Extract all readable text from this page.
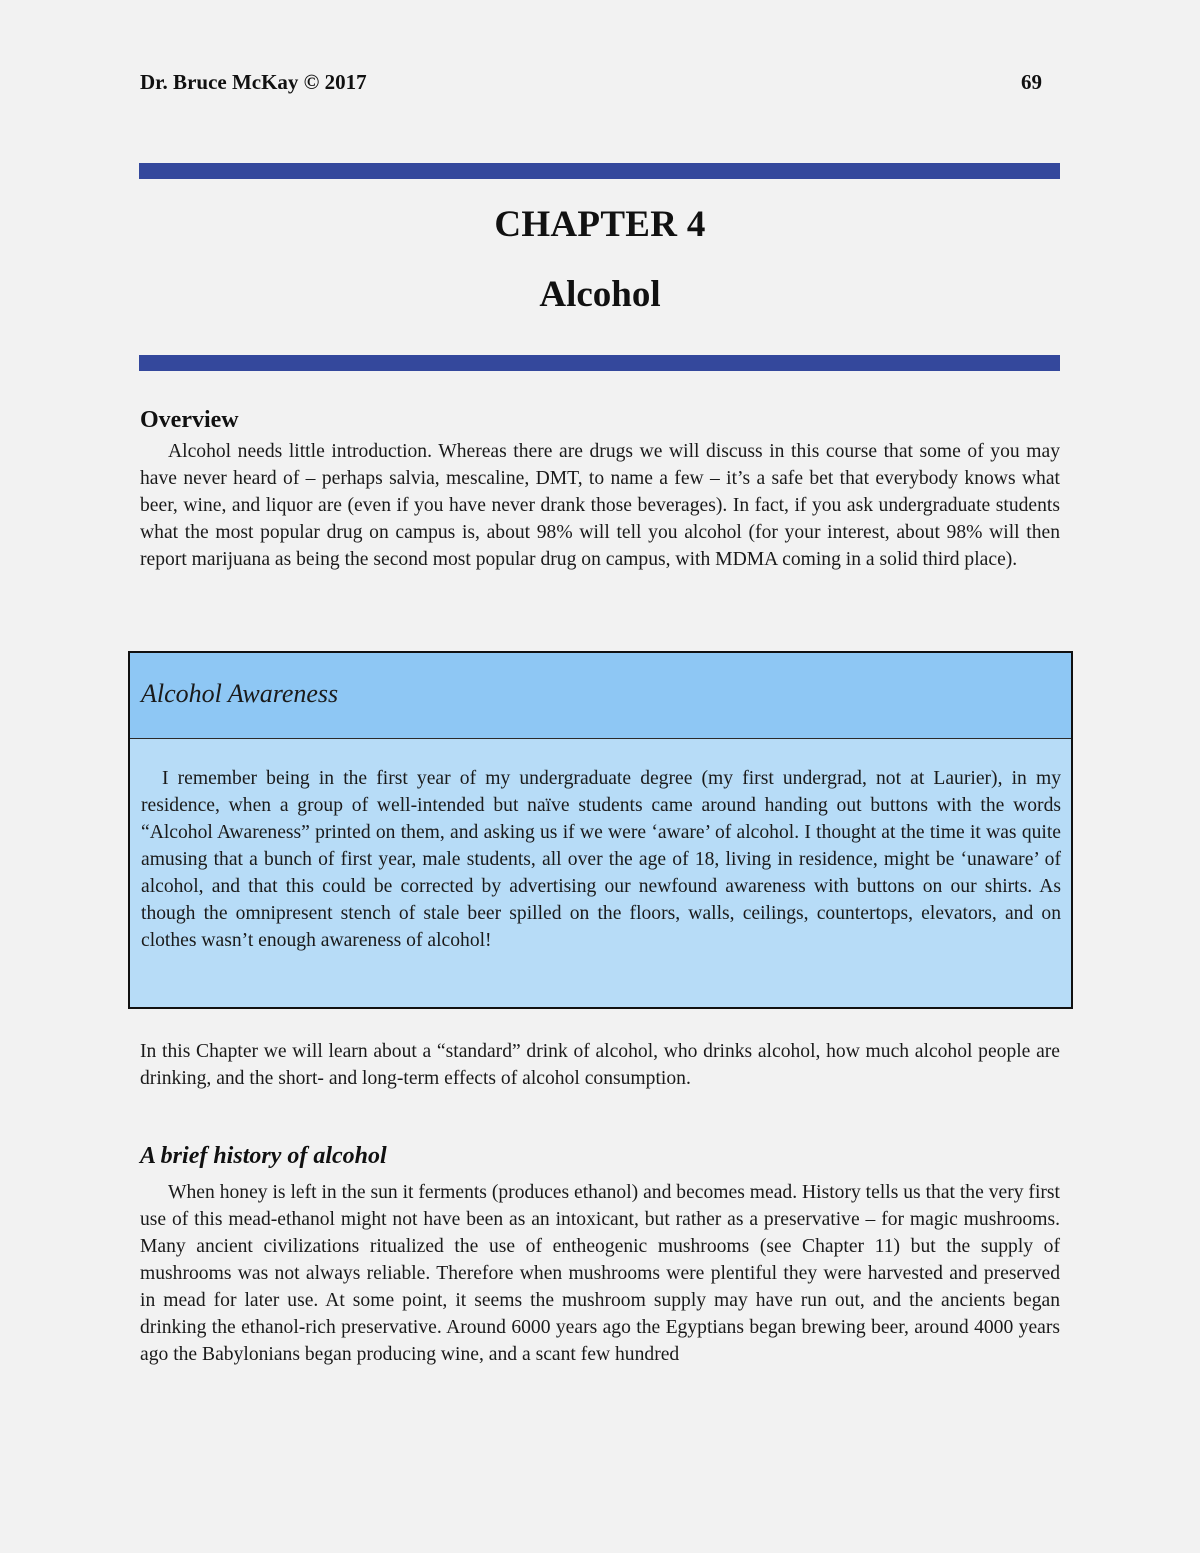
Dr. Bruce McKay © 2017	69
CHAPTER 4
Alcohol
Overview
Alcohol needs little introduction. Whereas there are drugs we will discuss in this course that some of you may have never heard of – perhaps salvia, mescaline, DMT, to name a few – it’s a safe bet that everybody knows what beer, wine, and liquor are (even if you have never drank those beverages). In fact, if you ask undergraduate students what the most popular drug on campus is, about 98% will tell you alcohol (for your interest, about 98% will then report marijuana as being the second most popular drug on campus, with MDMA coming in a solid third place).
Alcohol Awareness
I remember being in the first year of my undergraduate degree (my first undergrad, not at Laurier), in my residence, when a group of well-intended but naïve students came around handing out buttons with the words “Alcohol Awareness” printed on them, and asking us if we were ‘aware’ of alcohol. I thought at the time it was quite amusing that a bunch of first year, male students, all over the age of 18, living in residence, might be ‘unaware’ of alcohol, and that this could be corrected by advertising our newfound awareness with buttons on our shirts. As though the omnipresent stench of stale beer spilled on the floors, walls, ceilings, countertops, elevators, and on clothes wasn’t enough awareness of alcohol!
In this Chapter we will learn about a “standard” drink of alcohol, who drinks alcohol, how much alcohol people are drinking, and the short- and long-term effects of alcohol consumption.
A brief history of alcohol
When honey is left in the sun it ferments (produces ethanol) and becomes mead. History tells us that the very first use of this mead-ethanol might not have been as an intoxicant, but rather as a preservative – for magic mushrooms. Many ancient civilizations ritualized the use of entheogenic mushrooms (see Chapter 11) but the supply of mushrooms was not always reliable. Therefore when mushrooms were plentiful they were harvested and preserved in mead for later use. At some point, it seems the mushroom supply may have run out, and the ancients began drinking the ethanol-rich preservative. Around 6000 years ago the Egyptians began brewing beer, around 4000 years ago the Babylonians began producing wine, and a scant few hundred
